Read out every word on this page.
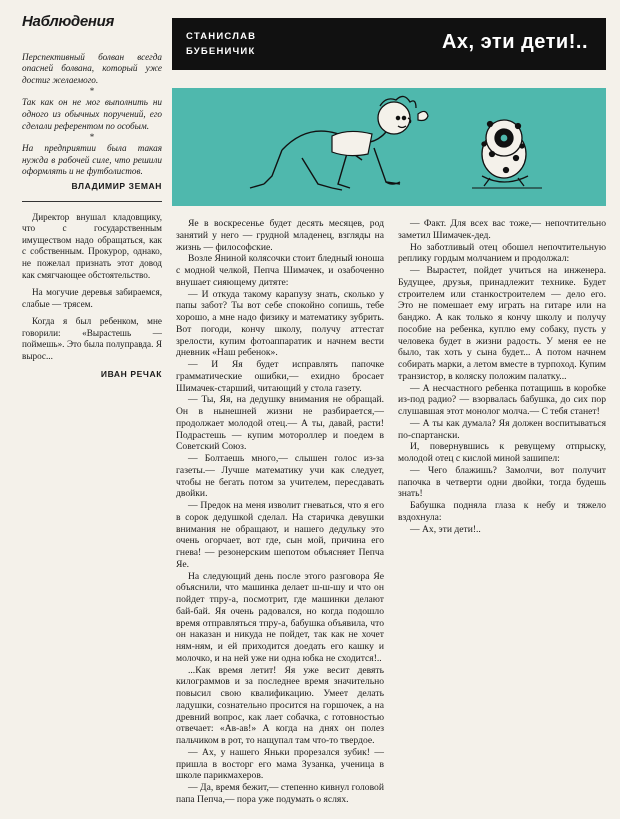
Наблюдения

Перспективный болван всегда опасней болвана, который уже достиг желаемого.

*

Так как он не мог выполнить ни одного из обычных поручений, его сделали референтом по особым.

*

На предприятии была такая нужда в рабочей силе, что решили оформлять и не футболистов.

ВЛАДИМИР ЗЕМАН

Директор внушал кладовщику, что с государственным имуществом надо обращаться, как с собственным. Прокурор, однако, не пожелал признать этот довод как смягчающее обстоятельство.

На могучие деревья забираемся, слабые — трясем.

Когда я был ребенком, мне говорили: «Вырастешь — поймешь». Это была полуправда. Я вырос...

ИВАН РЕЧАК
СТАНИСЛАВ
БУБЕНИЧИК	Ах, эти дети!..

Яе в воскресенье будет десять месяцев, род занятий у него — грудной младенец, взгляды на жизнь — философские.

Возле Яниной колясочки стоит бледный юноша с модной челкой, Пепча Шимачек, и озабоченно внушает сияющему дитяте:

— И откуда такому карапузу знать, сколько у папы забот? Ты вот себе спокойно сопишь, тебе хорошо, а мне надо физику и математику зубрить. Вот погоди, кончу школу, получу аттестат зрелости, купим фотоаппаратик и начнем вести дневник «Наш ребенок».

— И Яя будет исправлять папочке грамматические ошибки,— ехидно бросает Шимачек-старший, читающий у стола газету.

— Ты, Яя, на дедушку внимания не обращай. Он в нынешней жизни не разбирается,— продолжает молодой отец.— А ты, давай, расти! Подрастешь — купим мотороллер и поедем в Советский Союз.

— Болтаешь много,— слышен голос из-за газеты.— Лучше математику учи как следует, чтобы не бегать потом за учителем, пересдавать двойки.

— Предок на меня изволит гневаться, что я его в сорок дедушкой сделал. На старичка девушки внимания не обращают, и нашего дедульку это очень огорчает, вот где, сын мой, причина его гнева! — резонерским шепотом объясняет Пепча Яе.

На следующий день после этого разговора Яе объяснили, что машинка делает ш-ш-шу и что он пойдет тпру-а, посмотрит, где машинки делают бай-бай. Яя очень радовался, но когда подошло время отправляться тпру-а, бабушка объявила, что он наказан и никуда не пойдет, так как не хочет ням-ням, и ей приходится доедать его кашку и молочко, и на ней уже ни одна юбка не сходится!..

...Как время летит! Яя уже весит девять килограммов и за последнее время значительно повысил свою квалификацию. Умеет делать ладушки, сознательно просится на горшочек, а на древний вопрос, как лает собачка, с готовностью отвечает: «Ав-ав!» А когда на днях он полез пальчиком в рот, то нащупал там что-то твердое.

— Ах, у нашего Яньки прорезался зубик! — пришла в восторг его мама Зузанка, ученица в школе парикмахеров.

— Да, время бежит,— степенно кивнул головой папа Пепча,— пора уже подумать о яслях.

— Факт. Для всех вас тоже,— непочтительно заметил Шимачек-дед.

Но заботливый отец обошел непочтительную реплику гордым молчанием и продолжал:

— Вырастет, пойдет учиться на инженера. Будущее, друзья, принадлежит технике. Будет строителем или станкостроителем — дело его. Это не помешает ему играть на гитаре или на банджо. А как только я кончу школу и получу пособие на ребенка, куплю ему собаку, пусть у человека будет в жизни радость. У меня ее не было, так хоть у сына будет... А потом начнем собирать марки, а летом вместе в турпоход. Купим транзистор, в коляску положим палатку...

— А несчастного ребенка потащишь в коробке из-под радио? — взорвалась бабушка, до сих пор слушавшая этот монолог молча.— С тебя станет!

— А ты как думала? Яя должен воспитываться по-спартански.

И, повернувшись к ревущему отпрыску, молодой отец с кислой миной зашипел:

— Чего блажишь? Замолчи, вот получит папочка в четверти одни двойки, тогда будешь знать!

Бабушка подняла глаза к небу и тяжело вздохнула:

— Ах, эти дети!..
